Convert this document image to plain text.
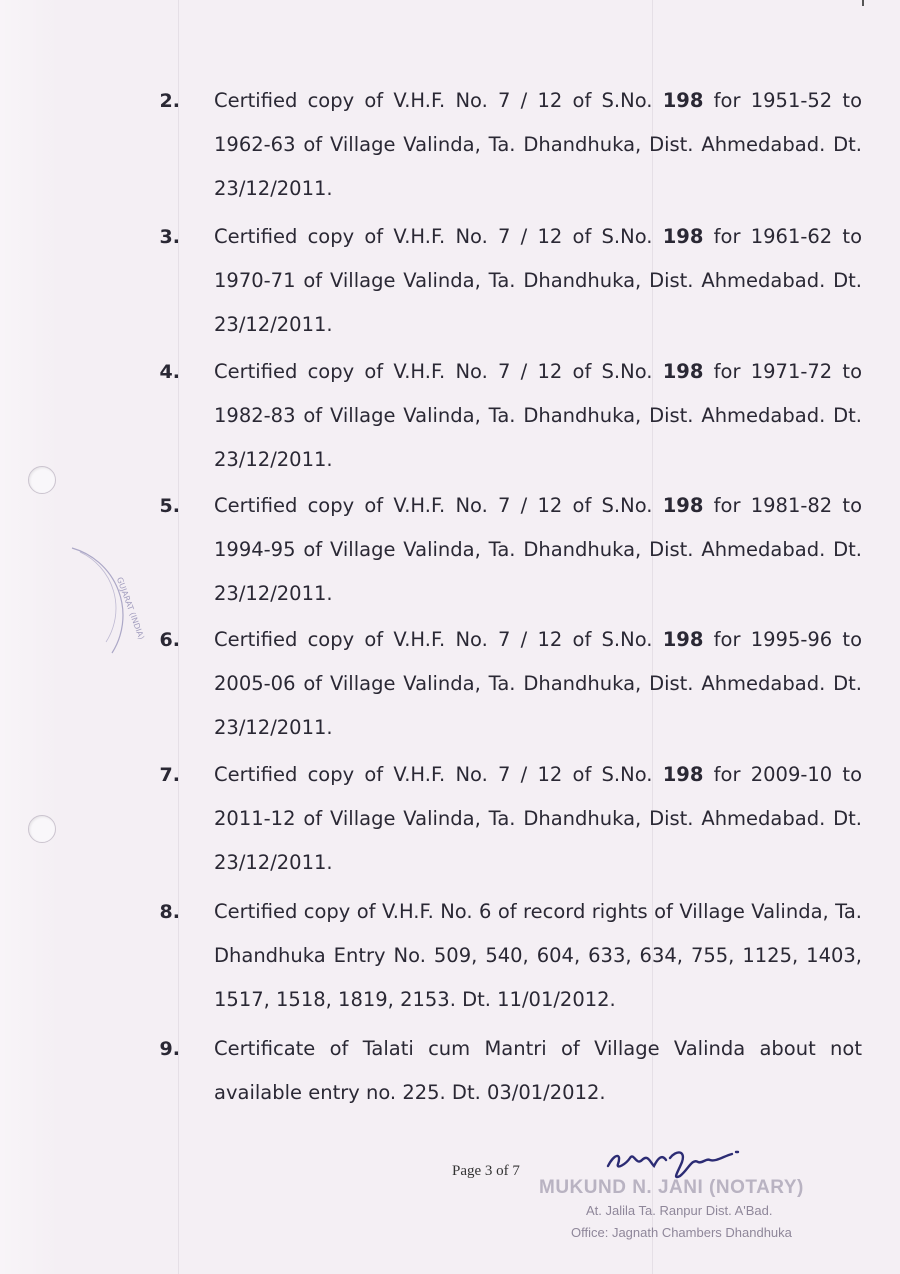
GUJARAT (INDIA)
2. Certified copy of V.H.F. No. 7 / 12 of S.No. 198 for 1951-52 to 1962-63 of Village Valinda, Ta. Dhandhuka, Dist. Ahmedabad. Dt. 23/12/2011.
3. Certified copy of V.H.F. No. 7 / 12 of S.No. 198 for 1961-62 to 1970-71 of Village Valinda, Ta. Dhandhuka, Dist. Ahmedabad. Dt. 23/12/2011.
4. Certified copy of V.H.F. No. 7 / 12 of S.No. 198 for 1971-72 to 1982-83 of Village Valinda, Ta. Dhandhuka, Dist. Ahmedabad. Dt. 23/12/2011.
5. Certified copy of V.H.F. No. 7 / 12 of S.No. 198 for 1981-82 to 1994-95 of Village Valinda, Ta. Dhandhuka, Dist. Ahmedabad. Dt. 23/12/2011.
6. Certified copy of V.H.F. No. 7 / 12 of S.No. 198 for 1995-96 to 2005-06 of Village Valinda, Ta. Dhandhuka, Dist. Ahmedabad. Dt. 23/12/2011.
7. Certified copy of V.H.F. No. 7 / 12 of S.No. 198 for 2009-10 to 2011-12 of Village Valinda, Ta. Dhandhuka, Dist. Ahmedabad. Dt. 23/12/2011.
8. Certified copy of V.H.F. No. 6 of record rights of Village Valinda, Ta. Dhandhuka Entry No. 509, 540, 604, 633, 634, 755, 1125, 1403, 1517, 1518, 1819, 2153. Dt. 11/01/2012.
9. Certificate of Talati cum Mantri of Village Valinda about not available entry no. 225. Dt. 03/01/2012.
Page 3 of 7
MUKUND N. JANI (NOTARY)
At. Jalila Ta. Ranpur Dist. A'Bad.
Office: Jagnath Chambers Dhandhuka
